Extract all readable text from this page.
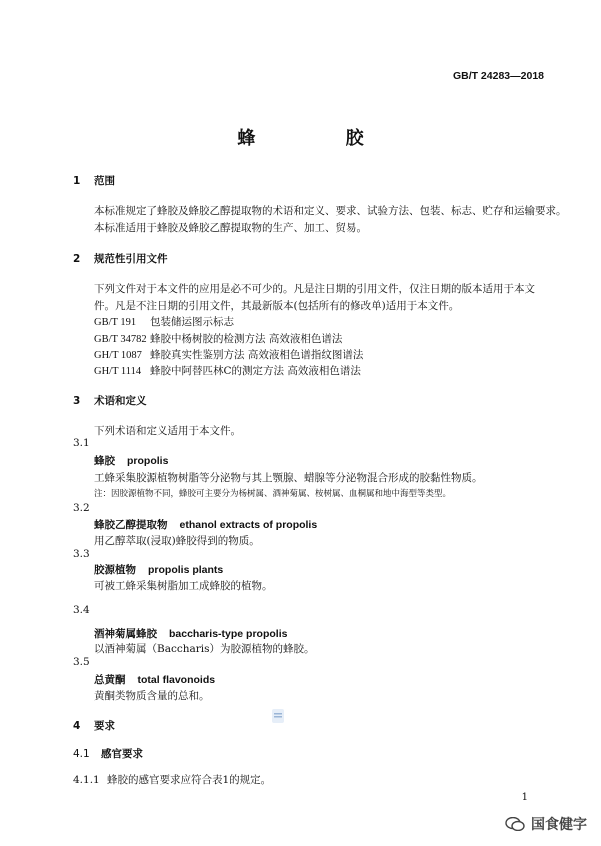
GB/T 24283—2018
蜂 胶
1 范围
本标准规定了蜂胶及蜂胶乙醇提取物的术语和定义、要求、试验方法、包装、标志、贮存和运输要求。
本标准适用于蜂胶及蜂胶乙醇提取物的生产、加工、贸易。
2 规范性引用文件
下列文件对于本文件的应用是必不可少的。凡是注日期的引用文件，仅注日期的版本适用于本文
件。凡是不注日期的引用文件，其最新版本(包括所有的修改单)适用于本文件。
GB/T 191 包装储运图示标志
GB/T 34782 蜂胶中杨树胶的检测方法 高效液相色谱法
GH/T 1087 蜂胶真实性鉴别方法 高效液相色谱指纹图谱法
GH/T 1114 蜂胶中阿替匹林C的测定方法 高效液相色谱法
3 术语和定义
下列术语和定义适用于本文件。
3.1
蜂胶 propolis
工蜂采集胶源植物树脂等分泌物与其上颚腺、蜡腺等分泌物混合形成的胶黏性物质。
注：因胶源植物不同，蜂胶可主要分为杨树属、酒神菊属、桉树属、血桐属和地中海型等类型。
3.2
蜂胶乙醇提取物 ethanol extracts of propolis
用乙醇萃取(浸取)蜂胶得到的物质。
3.3
胶源植物 propolis plants
可被工蜂采集树脂加工成蜂胶的植物。
3.4
酒神菊属蜂胶 baccharis-type propolis
以酒神菊属（Baccharis）为胶源植物的蜂胶。
3.5
总黄酮 total flavonoids
黄酮类物质含量的总和。
4 要求
4.1 感官要求
4.1.1 蜂胶的感官要求应符合表1的规定。
1
国食健字
